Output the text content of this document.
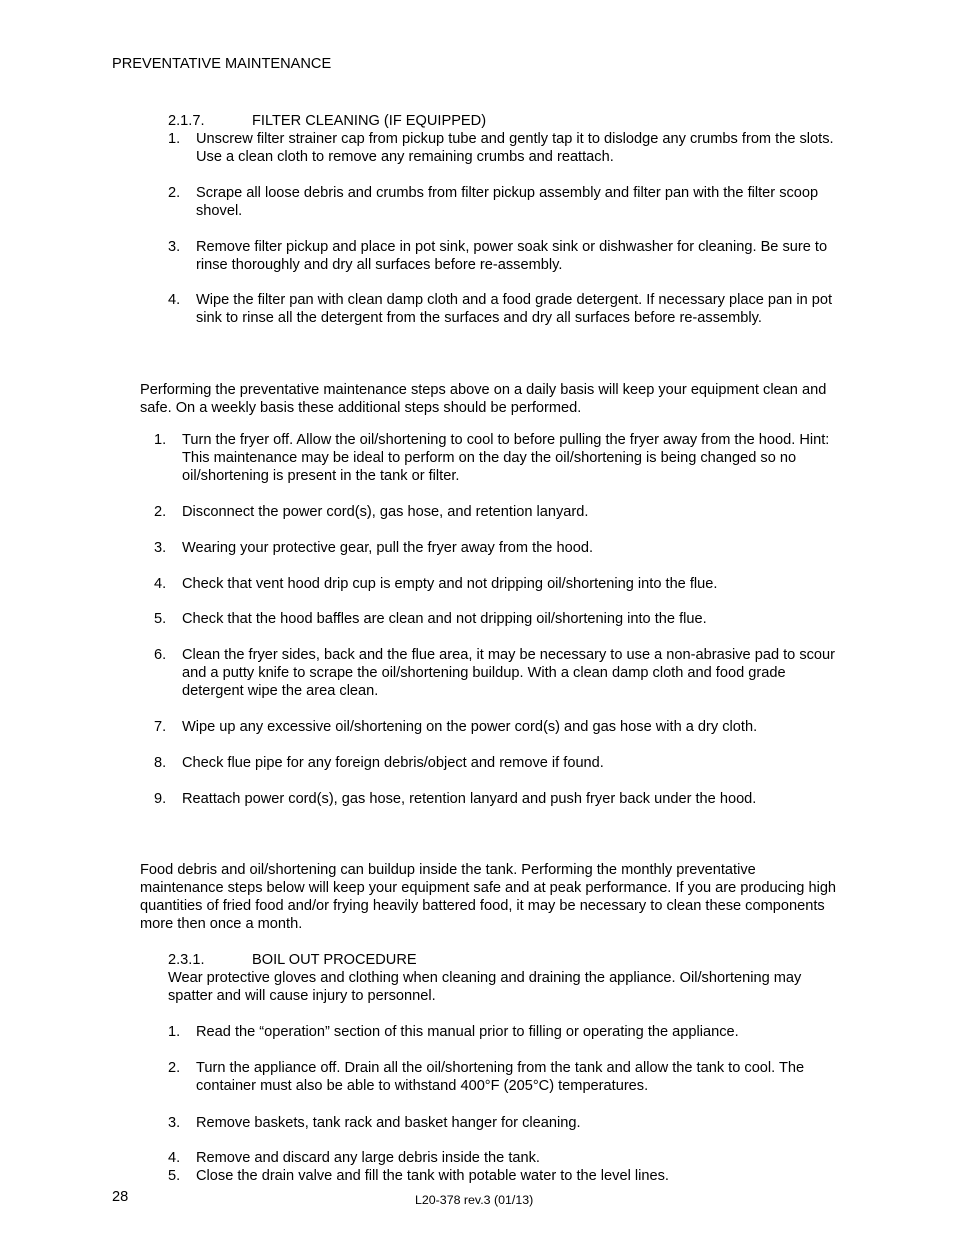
PREVENTATIVE MAINTENANCE
2.1.7.	FILTER CLEANING (IF EQUIPPED)
1. Unscrew filter strainer cap from pickup tube and gently tap it to dislodge any crumbs from the slots. Use a clean cloth to remove any remaining crumbs and reattach.
2. Scrape all loose debris and crumbs from filter pickup assembly and filter pan with the filter scoop shovel.
3. Remove filter pickup and place in pot sink, power soak sink or dishwasher for cleaning. Be sure to rinse thoroughly and dry all surfaces before re-assembly.
4. Wipe the filter pan with clean damp cloth and a food grade detergent. If necessary place pan in pot sink to rinse all the detergent from the surfaces and dry all surfaces before re-assembly.
Performing the preventative maintenance steps above on a daily basis will keep your equipment clean and safe. On a weekly basis these additional steps should be performed.
1. Turn the fryer off. Allow the oil/shortening to cool to before pulling the fryer away from the hood. Hint: This maintenance may be ideal to perform on the day the oil/shortening is being changed so no oil/shortening is present in the tank or filter.
2. Disconnect the power cord(s), gas hose, and retention lanyard.
3. Wearing your protective gear, pull the fryer away from the hood.
4. Check that vent hood drip cup is empty and not dripping oil/shortening into the flue.
5. Check that the hood baffles are clean and not dripping oil/shortening into the flue.
6. Clean the fryer sides, back and the flue area, it may be necessary to use a non-abrasive pad to scour and a putty knife to scrape the oil/shortening buildup. With a clean damp cloth and food grade detergent wipe the area clean.
7. Wipe up any excessive oil/shortening on the power cord(s) and gas hose with a dry cloth.
8. Check flue pipe for any foreign debris/object and remove if found.
9. Reattach power cord(s), gas hose, retention lanyard and push fryer back under the hood.
Food debris and oil/shortening can buildup inside the tank. Performing the monthly preventative maintenance steps below will keep your equipment safe and at peak performance. If you are producing high quantities of fried food and/or frying heavily battered food, it may be necessary to clean these components more then once a month.
2.3.1.	BOIL OUT PROCEDURE
Wear protective gloves and clothing when cleaning and draining the appliance. Oil/shortening may spatter and will cause injury to personnel.
1. Read the “operation” section of this manual prior to filling or operating the appliance.
2. Turn the appliance off. Drain all the oil/shortening from the tank and allow the tank to cool. The container must also be able to withstand 400°F (205°C) temperatures.
3. Remove baskets, tank rack and basket hanger for cleaning.
4. Remove and discard any large debris inside the tank.
5. Close the drain valve and fill the tank with potable water to the level lines.
28	L20-378 rev.3 (01/13)
